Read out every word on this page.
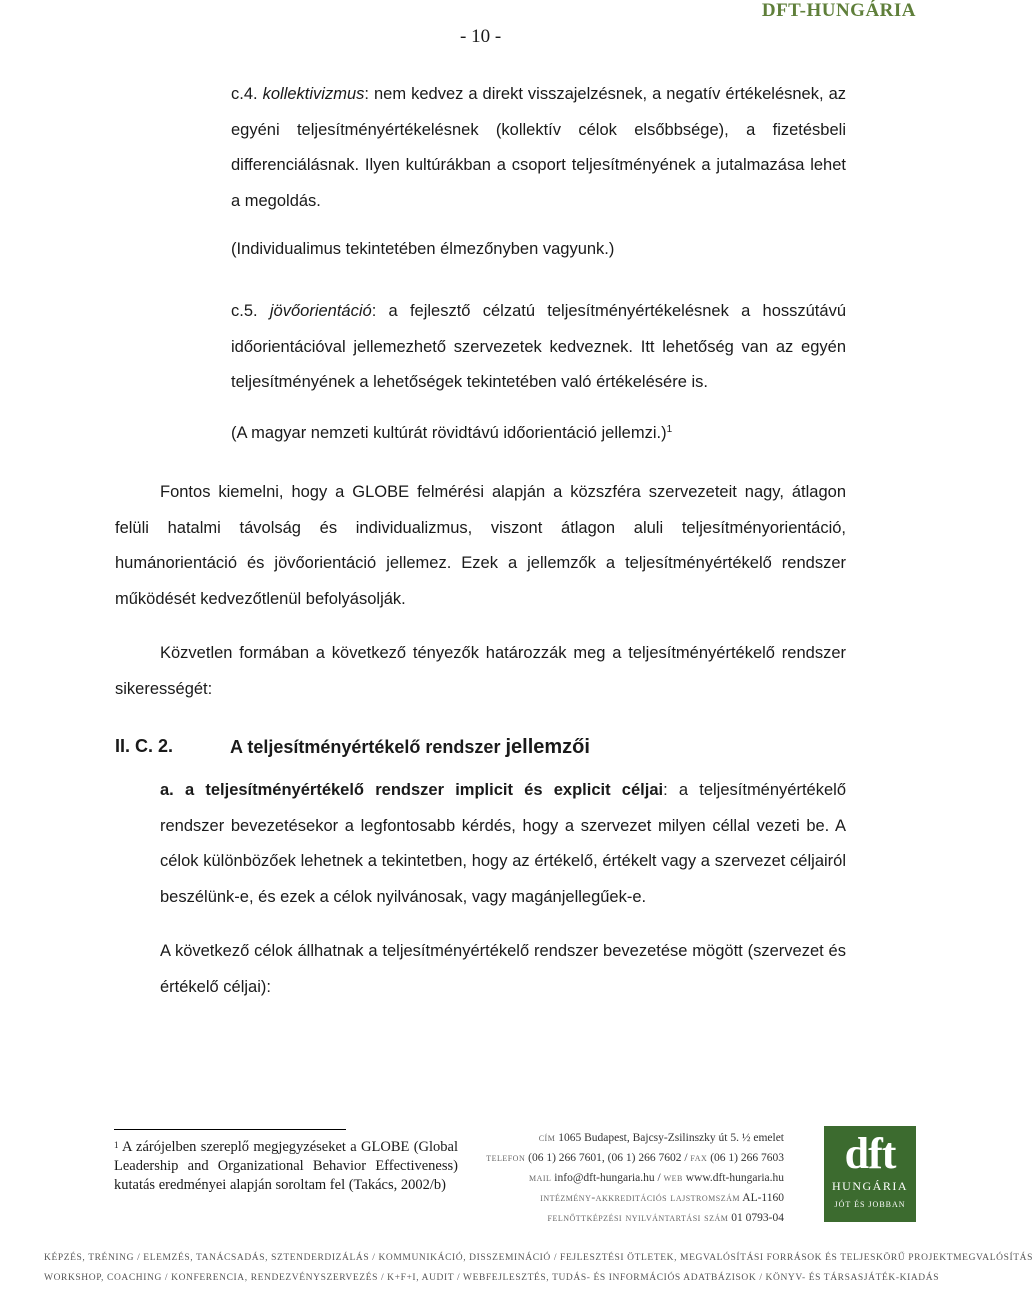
- 10 -
DFT-HUNGÁRIA

c.4. kollektivizmus: nem kedvez a direkt visszajelzésnek, a negatív értékelésnek, az egyéni teljesítményértékelésnek (kollektív célok elsőbbsége), a fizetésbeli differenciálásnak. Ilyen kultúrákban a csoport teljesítményének a jutalmazása lehet a megoldás.

(Individualimus tekintetében élmezőnyben vagyunk.)

c.5. jövőorientáció: a fejlesztő célzatú teljesítményértékelésnek a hosszútávú időorientációval jellemezhető szervezetek kedveznek. Itt lehetőség van az egyén teljesítményének a lehetőségek tekintetében való értékelésére is.

(A magyar nemzeti kultúrát rövidtávú időorientáció jellemzi.)$^1$

Fontos kiemelni, hogy a GLOBE felmérési alapján a közszféra szervezeteit nagy, átlagon felüli hatalmi távolság és individualizmus, viszont átlagon aluli teljesítményorientáció, humánorientáció és jövőorientáció jellemez. Ezek a jellemzők a teljesítményértékelő rendszer működését kedvezőtlenül befolyásolják.

Közvetlen formában a következő tényezők határozzák meg a teljesítményértékelő rendszer sikerességét:

II. C. 2.	A teljesítményértékelő rendszer jellemzői

a. a teljesítményértékelő rendszer implicit és explicit céljai: a teljesítményértékelő rendszer bevezetésekor a legfontosabb kérdés, hogy a szervezet milyen céllal vezeti be. A célok különbözőek lehetnek a tekintetben, hogy az értékelő, értékelt vagy a szervezet céljairól beszélünk-e, és ezek a célok nyilvánosak, vagy magánjellegűek-e.

A következő célok állhatnak a teljesítményértékelő rendszer bevezetése mögött (szervezet és értékelő céljai):

$^1$ A zárójelben szereplő megjegyzéseket a GLOBE (Global Leadership and Organizational Behavior Effectiveness) kutatás eredményei alapján soroltam fel (Takács, 2002/b)
cím 1065 Budapest, Bajcsy-Zsilinszky út 5. ½ emelet
telefon (06 1) 266 7601, (06 1) 266 7602 / fax (06 1) 266 7603
mail info@dft-hungaria.hu / web www.dft-hungaria.hu
intézmény-akkreditációs lajstromszám AL-1160
felnőttképzési nyilvántartási szám 01 0793-04
dft
HUNGÁRIA
JÓT ÉS JOBBAN
KÉPZÉS, TRÉNING / ELEMZÉS, TANÁCSADÁS, SZTENDERDIZÁLÁS / KOMMUNIKÁCIÓ, DISSZEMINÁCIÓ / FEJLESZTÉSI ÖTLETEK, MEGVALÓSÍTÁSI FORRÁSOK ÉS TELJESKÖRŰ PROJEKTMEGVALÓSÍTÁS
WORKSHOP, COACHING / KONFERENCIA, RENDEZVÉNYSZERVEZÉS / K+F+I, AUDIT / WEBFEJLESZTÉS, TUDÁS- ÉS INFORMÁCIÓS ADATBÁZISOK / KÖNYV- ÉS TÁRSASJÁTÉK-KIADÁS
